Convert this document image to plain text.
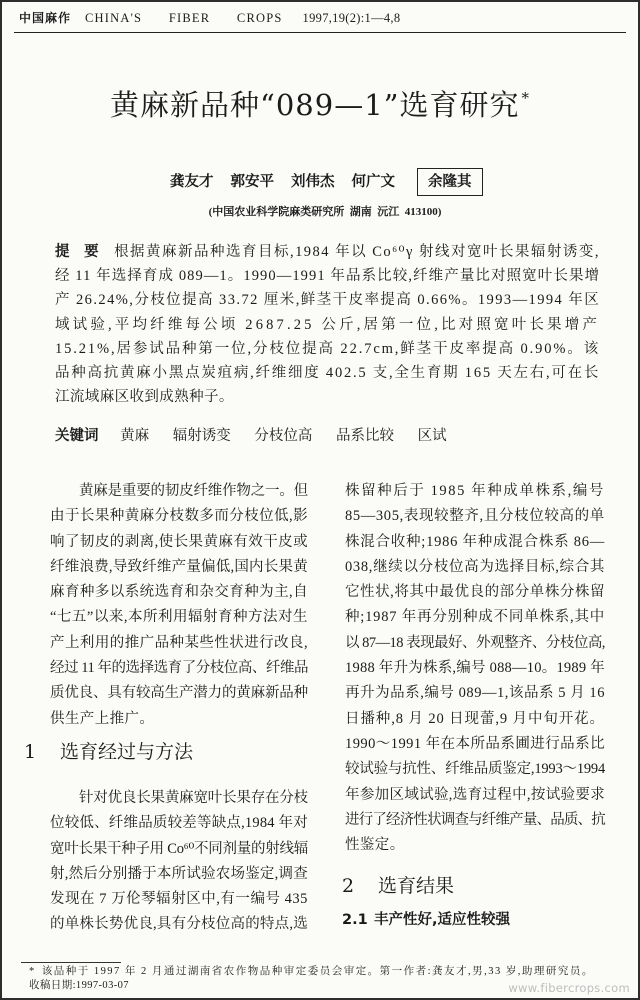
中国麻作 CHINA'S  FIBER  CROPS 1997,19(2):1—4,8
黄麻新品种“089—1”选育研究 *
龚友才 郭安平 刘伟杰 何广文	余隆其
(中国农业科学院麻类研究所  湖南  沅江  413100)
提  要 根据黄麻新品种选育目标,1984 年以 Co⁶⁰γ 射线对宽叶长果辐射诱变,
经 11 年选择育成 089—1。1990—1991 年品系比较,纤维产量比对照宽叶长果增
产 26.24%,分枝位提高 33.72 厘米,鲜茎干皮率提高 0.66%。1993—1994 年区
域试验,平均纤维每公顷 2687.25 公斤,居第一位,比对照宽叶长果增产
15.21%,居参试品种第一位,分枝位提高 22.7cm,鲜茎干皮率提高 0.90%。该
品种高抗黄麻小黑点炭疽病,纤维细度 402.5 支,全生育期 165 天左右,可在长
江流域麻区收到成熟种子。
关键词 黄麻 辐射诱变 分枝位高 品系比较 区试
黄麻是重要的韧皮纤维作物之一。但
由于长果种黄麻分枝数多而分枝位低,影
响了韧皮的剥离,使长果黄麻有效干皮或
纤维浪费,导致纤维产量偏低,国内长果黄
麻育种多以系统选育和杂交育种为主,自
“七五”以来,本所利用辐射育种方法对生
产上利用的推广品种某些性状进行改良,
经过 11 年的选择选育了分枝位高、纤维品
质优良、具有较高生产潜力的黄麻新品种
供生产上推广。
1 选育经过与方法
针对优良长果黄麻宽叶长果存在分枝
位较低、纤维品质较差等缺点,1984 年对
宽叶长果干种子用 Co⁶⁰不同剂量的射线辐
射,然后分别播于本所试验农场鉴定,调查
发现在 7 万伦琴辐射区中,有一编号 435
的单株长势优良,具有分枝位高的特点,选
株留种后于 1985 年种成单株系,编号
85—305,表现较整齐,且分枝位较高的单
株混合收种;1986 年种成混合株系 86—
038,继续以分枝位高为选择目标,综合其
它性状,将其中最优良的部分单株分株留
种;1987 年再分别种成不同单株系,其中
以 87—18 表现最好、外观整齐、分枝位高,
1988 年升为株系,编号 088—10。1989 年
再升为品系,编号 089—1,该品系 5 月 16
日播种,8 月 20 日现蕾,9 月中旬开花。
1990～1991 年在本所品系圃进行品系比
较试验与抗性、纤维品质鉴定,1993～1994
年参加区域试验,选育过程中,按试验要求
进行了经济性状调查与纤维产量、品质、抗
性鉴定。
2 选育结果
2.1 丰产性好,适应性较强
* 该品种于 1997 年 2 月通过湖南省农作物品种审定委员会审定。第一作者:龚友才,男,33 岁,助理研究员。
收稿日期:1997-03-07	www.fibercrops.com
